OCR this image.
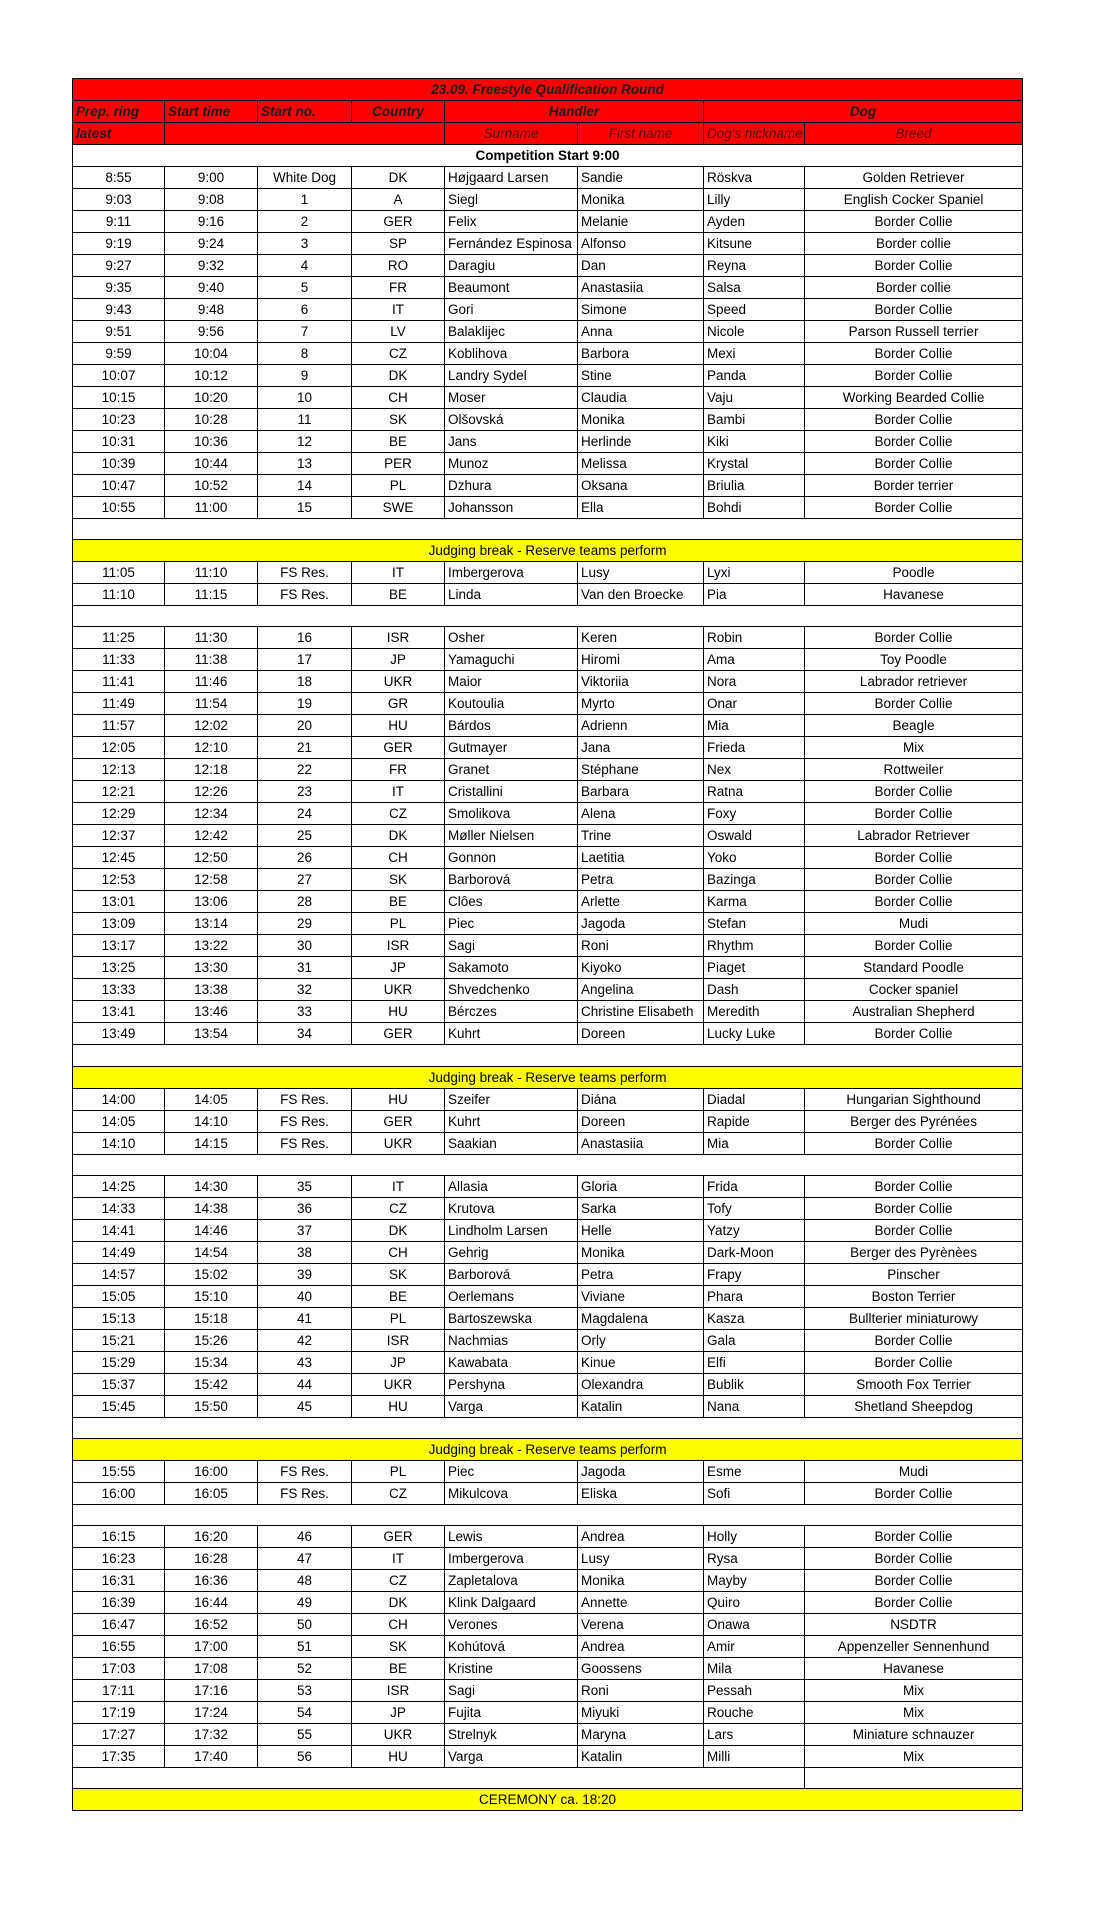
23.09. Freestyle Qualification Round							
Prep. ring	Start time	Start no.	Country	Handler		Dog	
latest				Surname	First name	Dog's nickname	Breed
Competition Start 9:00							
8:55	9:00	White Dog	DK	Højgaard Larsen	Sandie	Röskva	Golden Retriever
9:03	9:08	1	A	Siegl	Monika	Lilly	English Cocker Spaniel
9:11	9:16	2	GER	Felix	Melanie	Ayden	Border Collie
9:19	9:24	3	SP	Fernández Espinosa	Alfonso	Kitsune	Border collie
9:27	9:32	4	RO	Daragiu	Dan	Reyna	Border Collie
9:35	9:40	5	FR	Beaumont	Anastasiia	Salsa	Border collie
9:43	9:48	6	IT	Gori	Simone	Speed	Border Collie
9:51	9:56	7	LV	Balaklijec	Anna	Nicole	Parson Russell terrier
9:59	10:04	8	CZ	Koblihova	Barbora	Mexi	Border Collie
10:07	10:12	9	DK	Landry Sydel	Stine	Panda	Border Collie
10:15	10:20	10	CH	Moser	Claudia	Vaju	Working Bearded Collie
10:23	10:28	11	SK	Olšovská	Monika	Bambi	Border Collie
10:31	10:36	12	BE	Jans	Herlinde	Kiki	Border Collie
10:39	10:44	13	PER	Munoz	Melissa	Krystal	Border Collie
10:47	10:52	14	PL	Dzhura	Oksana	Briulia	Border terrier
10:55	11:00	15	SWE	Johansson	Ella	Bohdi	Border Collie

Judging break - Reserve teams perform							
11:05	11:10	FS Res.	IT	Imbergerova	Lusy	Lyxi	Poodle
11:10	11:15	FS Res.	BE	Linda	Van den Broecke	Pia	Havanese

11:25	11:30	16	ISR	Osher	Keren	Robin	Border Collie
11:33	11:38	17	JP	Yamaguchi	Hiromi	Ama	Toy Poodle
11:41	11:46	18	UKR	Maior	Viktoriia	Nora	Labrador retriever
11:49	11:54	19	GR	Koutoulia	Myrto	Onar	Border Collie
11:57	12:02	20	HU	Bárdos	Adrienn	Mia	Beagle
12:05	12:10	21	GER	Gutmayer	Jana	Frieda	Mix
12:13	12:18	22	FR	Granet	Stéphane	Nex	Rottweiler
12:21	12:26	23	IT	Cristallini	Barbara	Ratna	Border Collie
12:29	12:34	24	CZ	Smolikova	Alena	Foxy	Border Collie
12:37	12:42	25	DK	Møller Nielsen	Trine	Oswald	Labrador Retriever
12:45	12:50	26	CH	Gonnon	Laetitia	Yoko	Border Collie
12:53	12:58	27	SK	Barborová	Petra	Bazinga	Border Collie
13:01	13:06	28	BE	Clôes	Arlette	Karma	Border Collie
13:09	13:14	29	PL	Piec	Jagoda	Stefan	Mudi
13:17	13:22	30	ISR	Sagi	Roni	Rhythm	Border Collie
13:25	13:30	31	JP	Sakamoto	Kiyoko	Piaget	Standard Poodle
13:33	13:38	32	UKR	Shvedchenko	Angelina	Dash	Cocker spaniel
13:41	13:46	33	HU	Bérczes	Christine Elisabeth	Meredith	Australian Shepherd
13:49	13:54	34	GER	Kuhrt	Doreen	Lucky Luke	Border Collie

Judging break - Reserve teams perform							
14:00	14:05	FS Res.	HU	Szeifer	Diána	Diadal	Hungarian Sighthound
14:05	14:10	FS Res.	GER	Kuhrt	Doreen	Rapide	Berger des Pyrénées
14:10	14:15	FS Res.	UKR	Saakian	Anastasiia	Mia	Border Collie

14:25	14:30	35	IT	Allasia	Gloria	Frida	Border Collie
14:33	14:38	36	CZ	Krutova	Sarka	Tofy	Border Collie
14:41	14:46	37	DK	Lindholm Larsen	Helle	Yatzy	Border Collie
14:49	14:54	38	CH	Gehrig	Monika	Dark-Moon	Berger des Pyrènèes
14:57	15:02	39	SK	Barborová	Petra	Frapy	Pinscher
15:05	15:10	40	BE	Oerlemans	Viviane	Phara	Boston Terrier
15:13	15:18	41	PL	Bartoszewska	Magdalena	Kasza	Bullterier miniaturowy
15:21	15:26	42	ISR	Nachmias	Orly	Gala	Border Collie
15:29	15:34	43	JP	Kawabata	Kinue	Elfi	Border Collie
15:37	15:42	44	UKR	Pershyna	Olexandra	Bublik	Smooth Fox Terrier
15:45	15:50	45	HU	Varga	Katalin	Nana	Shetland Sheepdog

Judging break - Reserve teams perform							
15:55	16:00	FS Res.	PL	Piec	Jagoda	Esme	Mudi
16:00	16:05	FS Res.	CZ	Mikulcova	Eliska	Sofi	Border Collie

16:15	16:20	46	GER	Lewis	Andrea	Holly	Border Collie
16:23	16:28	47	IT	Imbergerova	Lusy	Rysa	Border Collie
16:31	16:36	48	CZ	Zapletalova	Monika	Mayby	Border Collie
16:39	16:44	49	DK	Klink Dalgaard	Annette	Quiro	Border Collie
16:47	16:52	50	CH	Verones	Verena	Onawa	NSDTR
16:55	17:00	51	SK	Kohútová	Andrea	Amir	Appenzeller Sennenhund
17:03	17:08	52	BE	Kristine	Goossens	Mila	Havanese
17:11	17:16	53	ISR	Sagi	Roni	Pessah	Mix
17:19	17:24	54	JP	Fujita	Miyuki	Rouche	Mix
17:27	17:32	55	UKR	Strelnyk	Maryna	Lars	Miniature schnauzer
17:35	17:40	56	HU	Varga	Katalin	Milli	Mix

CEREMONY ca. 18:20							
